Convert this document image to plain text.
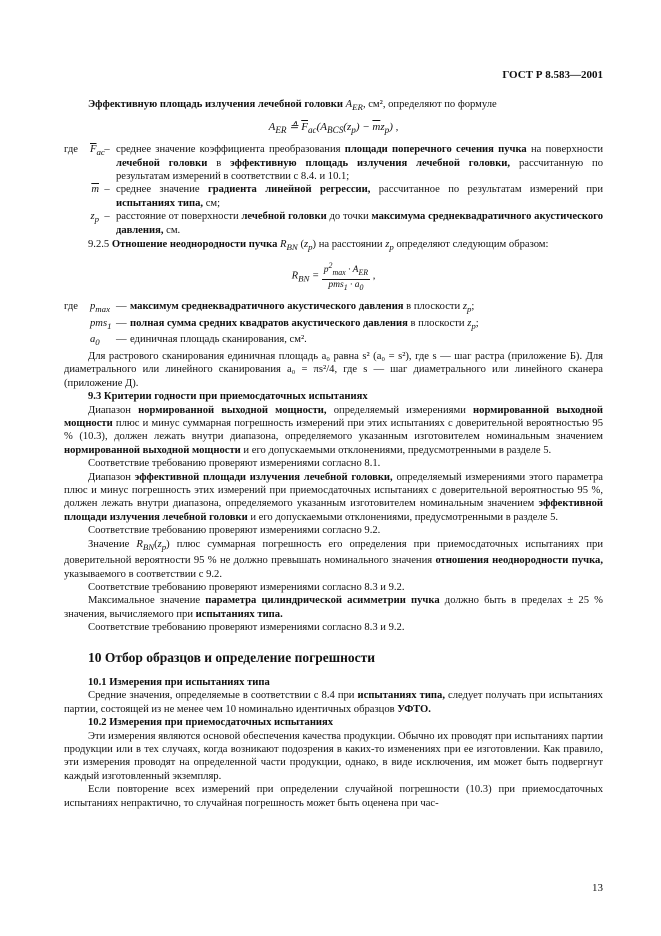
ГОСТ Р 8.583—2001

Эффективную площадь излучения лечебной головки $A_{ER}$, см², определяют по формуле

$A_{ER}$ ≙ $\overline{F}_{ac}(A_{BCS}(z_p) - \overline{m}z_p)$ ,
где	$\overline{F}_{ac}$ – среднее значение коэффициента преобразования площади поперечного сечения пучка на поверхности лечебной головки в эффективную площадь излучения лечебной головки, рассчитанную по результатам измерений в соответствии с 8.4. и 10.1;
$\overline{m}$ – среднее значение градиента линейной регрессии, рассчитанное по результатам измерений при испытаниях типа, см;
$z_p$ – расстояние от поверхности лечебной головки до точки максимума среднеквадратичного акустического давления, см.

9.2.5 Отношение неоднородности пучка $R_{BN}$ $(z_p)$ на расстоянии $z_p$ определяют следующим образом:

$R_{BN} = \frac{p^2_{max} \cdot A_{ER}}{pms_1 \cdot a_0}$ ,
где	$p_{max}$ — максимум среднеквадратичного акустического давления в плоскости $z_p$;
pms$_1$ — полная сумма средних квадратов акустического давления в плоскости $z_p$;
$a_0$	— единичная площадь сканирования, см².

Для растрового сканирования единичная площадь a₀ равна s² (a₀ = s²), где s — шаг растра (приложение Б). Для диаметрального или линейного сканирования a₀ = πs²/4, где s — шаг диаметрального или линейного сканера (приложение Д).

9.3 Критерии годности при приемосдаточных испытаниях

Диапазон нормированной выходной мощности, определяемый измерениями нормированной выходной мощности плюс и минус суммарная погрешность измерений при этих испытаниях с доверительной вероятностью 95 % (10.3), должен лежать внутри диапазона, определяемого указанным изготовителем номинальным значением нормированной выходной мощности и его допускаемыми отклонениями, предусмотренными в разделе 5.

Соответствие требованию проверяют измерениями согласно 8.1.

Диапазон эффективной площади излучения лечебной головки, определяемый измерениями этого параметра плюс и минус погрешность этих измерений при приемосдаточных испытаниях с доверительной вероятностью 95 %, должен лежать внутри диапазона, определяемого указанным изготовителем номинальным значением эффективной площади излучения лечебной головки и его допускаемыми отклонениями, предусмотренными в разделе 5.

Соответствие требованию проверяют измерениями согласно 9.2.

Значение $R_{BN}(z_p)$ плюс суммарная погрешность его определения при приемосдаточных испытаниях при доверительной вероятности 95 % не должно превышать номинального значения отношения неоднородности пучка, указываемого в соответствии с 9.2.

Соответствие требованию проверяют измерениями согласно 8.3 и 9.2.

Максимальное значение параметра цилиндрической асимметрии пучка должно быть в пределах ± 25 % значения, вычисляемого при испытаниях типа.

Соответствие требованию проверяют измерениями согласно 8.3 и 9.2.

10 Отбор образцов и определение погрешности

10.1 Измерения при испытаниях типа

Средние значения, определяемые в соответствии с 8.4 при испытаниях типа, следует получать при испытаниях партии, состоящей из не менее чем 10 номинально идентичных образцов УФТО.

10.2 Измерения при приемосдаточных испытаниях

Эти измерения являются основой обеспечения качества продукции. Обычно их проводят при испытаниях партии продукции или в тех случаях, когда возникают подозрения в каких-то изменениях при ее изготовлении. Как правило, эти измерения проводят на определенной части продукции, однако, в виде исключения, им может быть подвергнут каждый изготовленный экземпляр.

Если повторение всех измерений при определении случайной погрешности (10.3) при приемосдаточных испытаниях непрактично, то случайная погрешность может быть оценена при час-

13
